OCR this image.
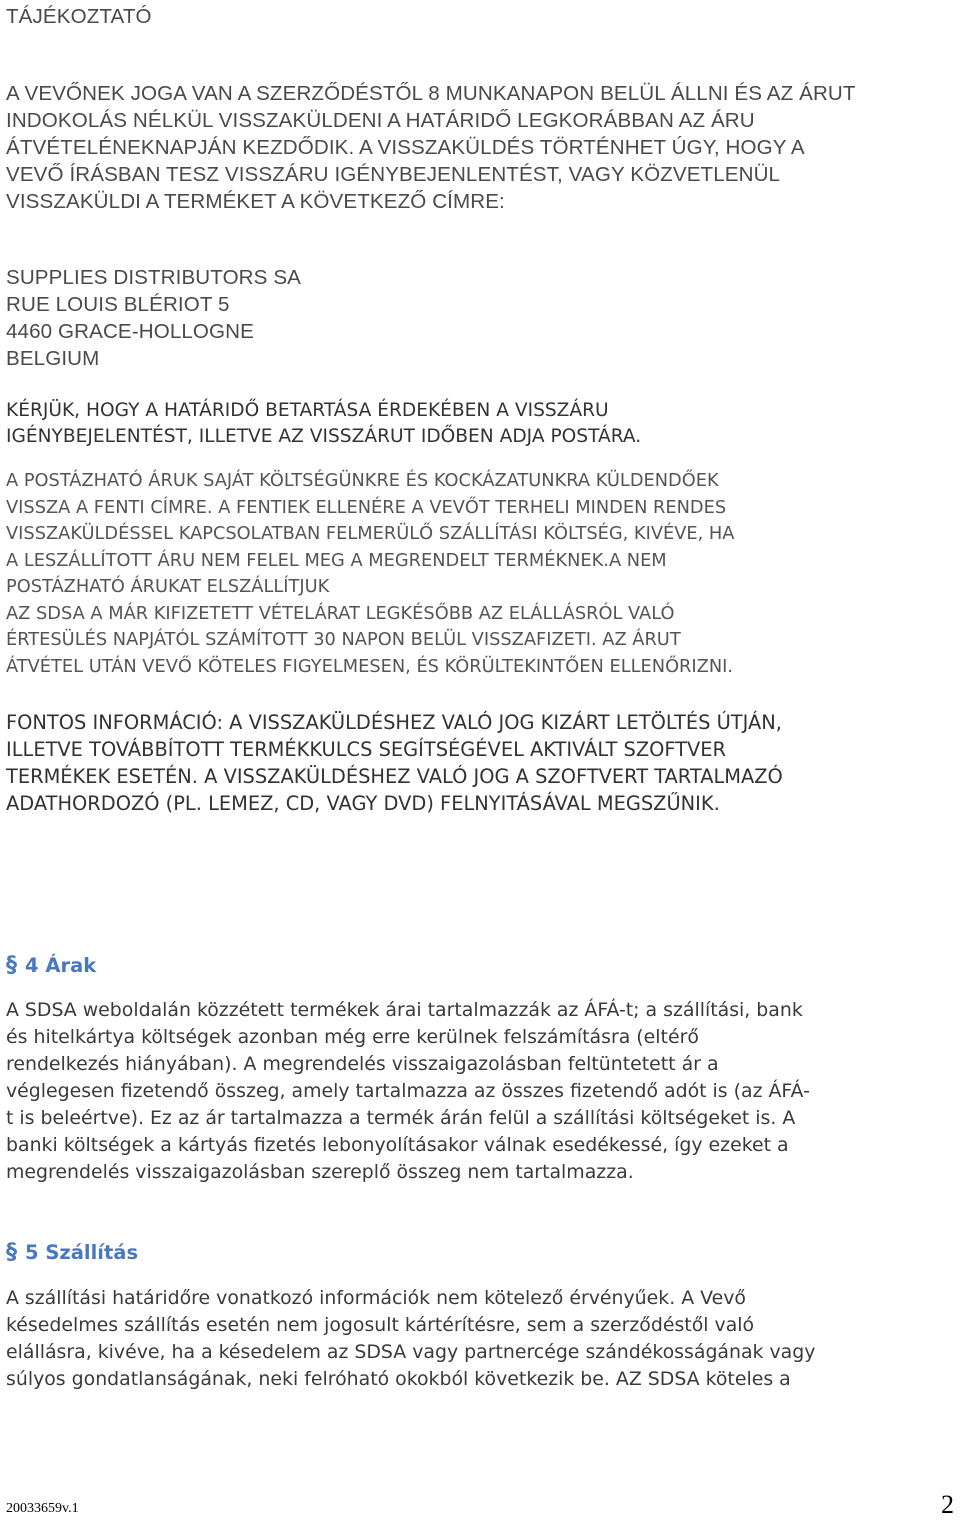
TÁJÉKOZTATÓ
A VEVŐNEK JOGA VAN A SZERZŐDÉSTŐL 8 MUNKANAPON BELÜL ÁLLNI ÉS AZ ÁRUT
INDOKOLÁS NÉLKÜL VISSZAKÜLDENI A HATÁRIDŐ LEGKORÁBBAN AZ ÁRU
ÁTVÉTELÉNEKNAPJÁN KEZDŐDIK. A VISSZAKÜLDÉS TÖRTÉNHET ÚGY, HOGY A
VEVŐ ÍRÁSBAN TESZ VISSZÁRU IGÉNYBEJENLENTÉST, VAGY KÖZVETLENÜL
VISSZAKÜLDI A TERMÉKET A KÖVETKEZŐ CÍMRE:
SUPPLIES DISTRIBUTORS SA
RUE LOUIS BLÉRIOT 5
4460 GRACE-HOLLOGNE
BELGIUM
KÉRJÜK, HOGY A HATÁRIDŐ BETARTÁSA ÉRDEKÉBEN A VISSZÁRU
IGÉNYBEJELENTÉST, ILLETVE AZ VISSZÁRUT IDŐBEN ADJA POSTÁRA.
A POSTÁZHATÓ ÁRUK SAJÁT KÖLTSÉGÜNKRE ÉS KOCKÁZATUNKRA KÜLDENDŐEK
VISSZA A FENTI CÍMRE. A FENTIEK ELLENÉRE A VEVŐT TERHELI MINDEN RENDES
VISSZAKÜLDÉSSEL KAPCSOLATBAN FELMERÜLŐ SZÁLLÍTÁSI KÖLTSÉG, KIVÉVE, HA
A LESZÁLLÍTOTT ÁRU NEM FELEL MEG A MEGRENDELT TERMÉKNEK.A NEM
POSTÁZHATÓ ÁRUKAT ELSZÁLLÍTJUK
AZ SDSA A MÁR KIFIZETETT VÉTELÁRAT LEGKÉSŐBB AZ ELÁLLÁSRÓL VALÓ
ÉRTESÜLÉS NAPJÁTÓL SZÁMÍTOTT 30 NAPON BELÜL VISSZAFIZETI. AZ ÁRUT
ÁTVÉTEL UTÁN VEVŐ KÖTELES FIGYELMESEN, ÉS KÖRÜLTEKINTŐEN ELLENŐRIZNI.
FONTOS INFORMÁCIÓ: A VISSZAKÜLDÉSHEZ VALÓ JOG KIZÁRT LETÖLTÉS ÚTJÁN,
ILLETVE TOVÁBBÍTOTT TERMÉKKULCS SEGÍTSÉGÉVEL AKTIVÁLT SZOFTVER
TERMÉKEK ESETÉN. A VISSZAKÜLDÉSHEZ VALÓ JOG A SZOFTVERT TARTALMAZÓ
ADATHORDOZÓ (PL. LEMEZ, CD, VAGY DVD) FELNYITÁSÁVAL MEGSZŰNIK.
§ 4 Árak
A SDSA weboldalán közzétett termékek árai tartalmazzák az ÁFÁ-t; a szállítási, bank
és hitelkártya költségek azonban még erre kerülnek felszámításra (eltérő
rendelkezés hiányában). A megrendelés visszaigazolásban feltüntetett ár a
véglegesen fizetendő összeg, amely tartalmazza az összes fizetendő adót is (az ÁFÁ-
t is beleértve). Ez az ár tartalmazza a termék árán felül a szállítási költségeket is. A
banki költségek a kártyás fizetés lebonyolításakor válnak esedékessé, így ezeket a
megrendelés visszaigazolásban szereplő összeg nem tartalmazza.
§ 5 Szállítás
A szállítási határidőre vonatkozó információk nem kötelező érvényűek. A Vevő
késedelmes szállítás esetén nem jogosult kártérítésre, sem a szerződéstől való
elállásra, kivéve, ha a késedelem az SDSA vagy partnercége szándékosságának vagy
súlyos gondatlanságának, neki felróható okokból következik be. AZ SDSA köteles a
20033659v.1	2
